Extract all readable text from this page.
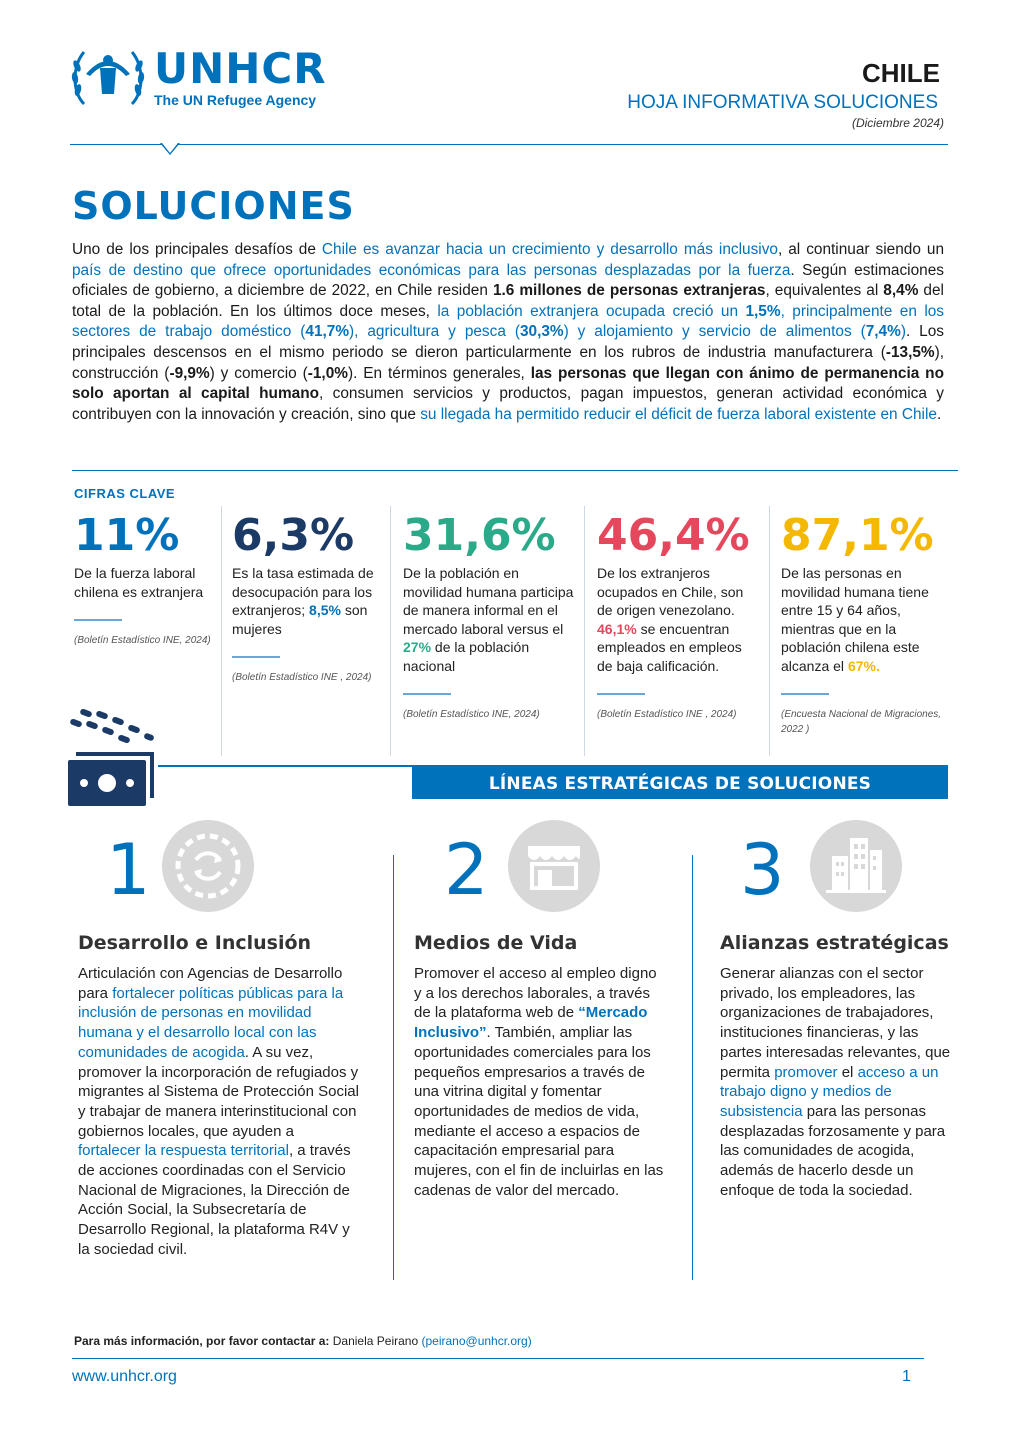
UNHCR
The UN Refugee Agency
CHILE
HOJA INFORMATIVA SOLUCIONES
(Diciembre 2024)
SOLUCIONES

Uno de los principales desafíos de Chile es avanzar hacia un crecimiento y desarrollo más inclusivo, al continuar siendo un país de destino que ofrece oportunidades económicas para las personas desplazadas por la fuerza. Según estimaciones oficiales de gobierno, a diciembre de 2022, en Chile residen 1.6 millones de personas extranjeras, equivalentes al 8,4% del total de la población. En los últimos doce meses, la población extranjera ocupada creció un 1,5%, principalmente en los sectores de trabajo doméstico (41,7%), agricultura y pesca (30,3%) y alojamiento y servicio de alimentos (7,4%). Los principales descensos en el mismo periodo se dieron particularmente en los rubros de industria manufacturera (-13,5%), construcción (-9,9%) y comercio (-1,0%). En términos generales, las personas que llegan con ánimo de permanencia no solo aportan al capital humano, consumen servicios y productos, pagan impuestos, generan actividad económica y contribuyen con la innovación y creación, sino que su llegada ha permitido reducir el déficit de fuerza laboral existente en Chile.

CIFRAS CLAVE
11%
De la fuerza laboral chilena es extranjera
(Boletín Estadístico INE, 2024)
6,3%
Es la tasa estimada de desocupación para los extranjeros; 8,5% son mujeres
(Boletín Estadístico INE , 2024)
31,6%
De la población en movilidad humana participa de manera informal en el mercado laboral versus el 27% de la población nacional
(Boletín Estadístico INE, 2024)
46,4%
De los extranjeros ocupados en Chile, son de origen venezolano. 46,1% se encuentran empleados en empleos de baja calificación.
(Boletín Estadístico INE , 2024)
87,1%
De las personas en movilidad humana tiene entre 15 y 64 años, mientras que en la población chilena este alcanza el 67%.
(Encuesta Nacional de Migraciones, 2022 )
LÍNEAS ESTRATÉGICAS DE SOLUCIONES
1
Desarrollo e Inclusión

Articulación con Agencias de Desarrollo para fortalecer políticas públicas para la inclusión de personas en movilidad humana y el desarrollo local con las comunidades de acogida. A su vez, promover la incorporación de refugiados y migrantes al Sistema de Protección Social y trabajar de manera interinstitucional con gobiernos locales, que ayuden a fortalecer la respuesta territorial, a través de acciones coordinadas con el Servicio Nacional de Migraciones, la Dirección de Acción Social, la Subsecretaría de Desarrollo Regional, la plataforma R4V y la sociedad civil.

2
Medios de Vida

Promover el acceso al empleo digno y a los derechos laborales, a través de la plataforma web de “Mercado Inclusivo”. También, ampliar las oportunidades comerciales para los pequeños empresarios a través de una vitrina digital y fomentar oportunidades de medios de vida, mediante el acceso a espacios de capacitación empresarial para mujeres, con el fin de incluirlas en las cadenas de valor del mercado.

3
Alianzas estratégicas

Generar alianzas con el sector privado, los empleadores, las organizaciones de trabajadores, instituciones financieras, y las partes interesadas relevantes, que permita promover el acceso a un trabajo digno y medios de subsistencia para las personas desplazadas forzosamente y para las comunidades de acogida, además de hacerlo desde un enfoque de toda la sociedad.

Para más información, por favor contactar a: Daniela Peirano (peirano@unhcr.org)
www.unhcr.org	1
